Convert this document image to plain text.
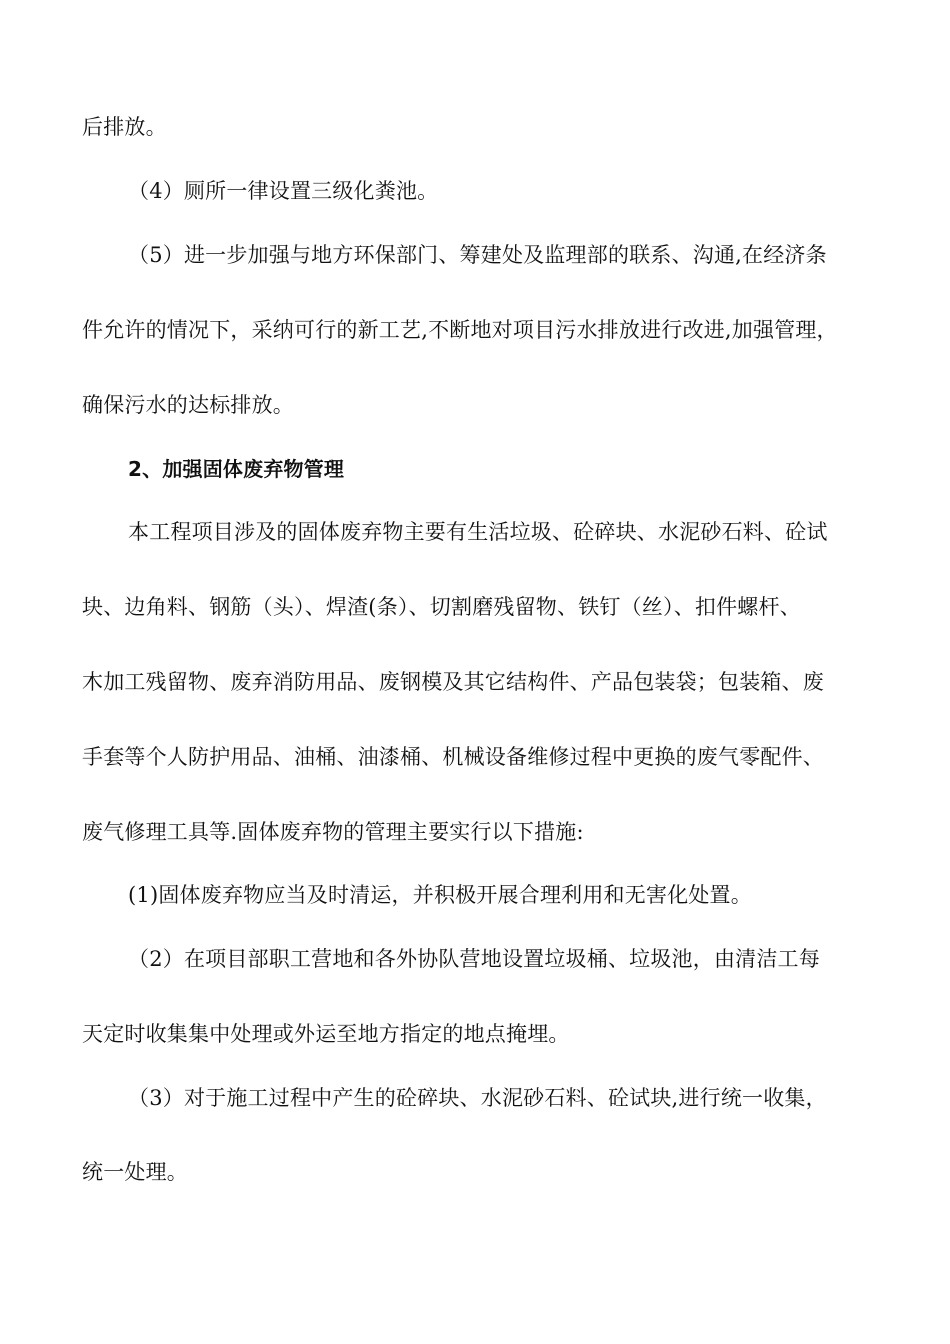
后排放。
（4）厕所一律设置三级化粪池。
（5）进一步加强与地方环保部门、筹建处及监理部的联系、沟通,在经济条
件允许的情况下，采纳可行的新工艺,不断地对项目污水排放进行改进,加强管理，
确保污水的达标排放。
2、加强固体废弃物管理
本工程项目涉及的固体废弃物主要有生活垃圾、砼碎块、水泥砂石料、砼试
块、边角料、钢筋（头）、焊渣(条）、切割磨残留物、铁钉（丝）、扣件螺杆、
木加工残留物、废弃消防用品、废钢模及其它结构件、产品包装袋；包装箱、废
手套等个人防护用品、油桶、油漆桶、机械设备维修过程中更换的废气零配件、
废气修理工具等.固体废弃物的管理主要实行以下措施:
(1)固体废弃物应当及时清运，并积极开展合理利用和无害化处置。
（2）在项目部职工营地和各外协队营地设置垃圾桶、垃圾池，由清洁工每
天定时收集集中处理或外运至地方指定的地点掩埋。
（3）对于施工过程中产生的砼碎块、水泥砂石料、砼试块,进行统一收集，
统一处理。
